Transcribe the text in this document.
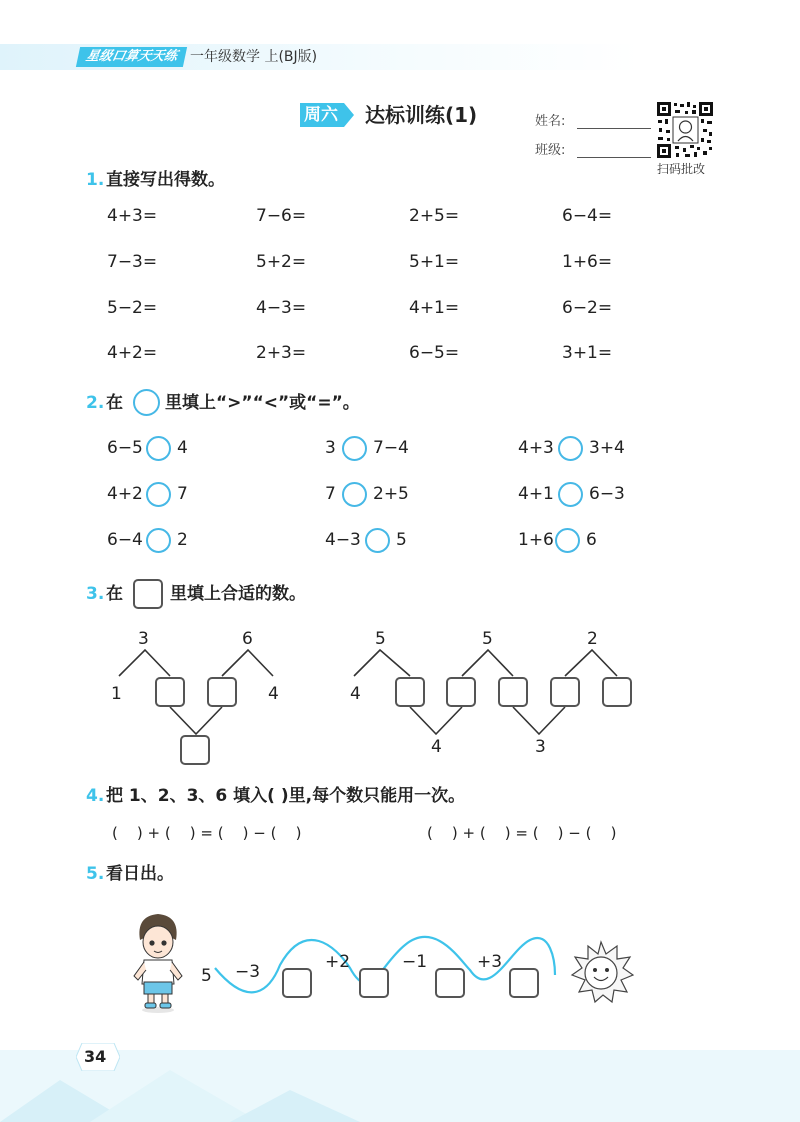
星级口算天天练 一年级数学 上(BJ版)
周六 达标训练(1)	姓名:
班级:
扫码批改
1. 直接写出得数。
4+3=	7−6=	2+5=	6−4=
7−3=	5+2=	5+1=	1+6=
5−2=	4−3=	4+1=	6−2=
4+2=	2+3=	6−5=	3+1=
2. 在 里填上“>”“<”或“=”。
6−5 4	3 7−4	4+3 3+4
4+2 7	7 2+5	4+1 6−3
6−4 2	4−3 5	1+6 6
3. 在	里填上合适的数。
3	6
1	4
5	5	2
4
4	3
4. 把 1、2、3、6 填入( )里,每个数只能用一次。
(    ) + (    ) = (    ) − (    )	(    ) + (    ) = (    ) − (    )
5. 看日出。
5 −3	+2	−1	+3
34
